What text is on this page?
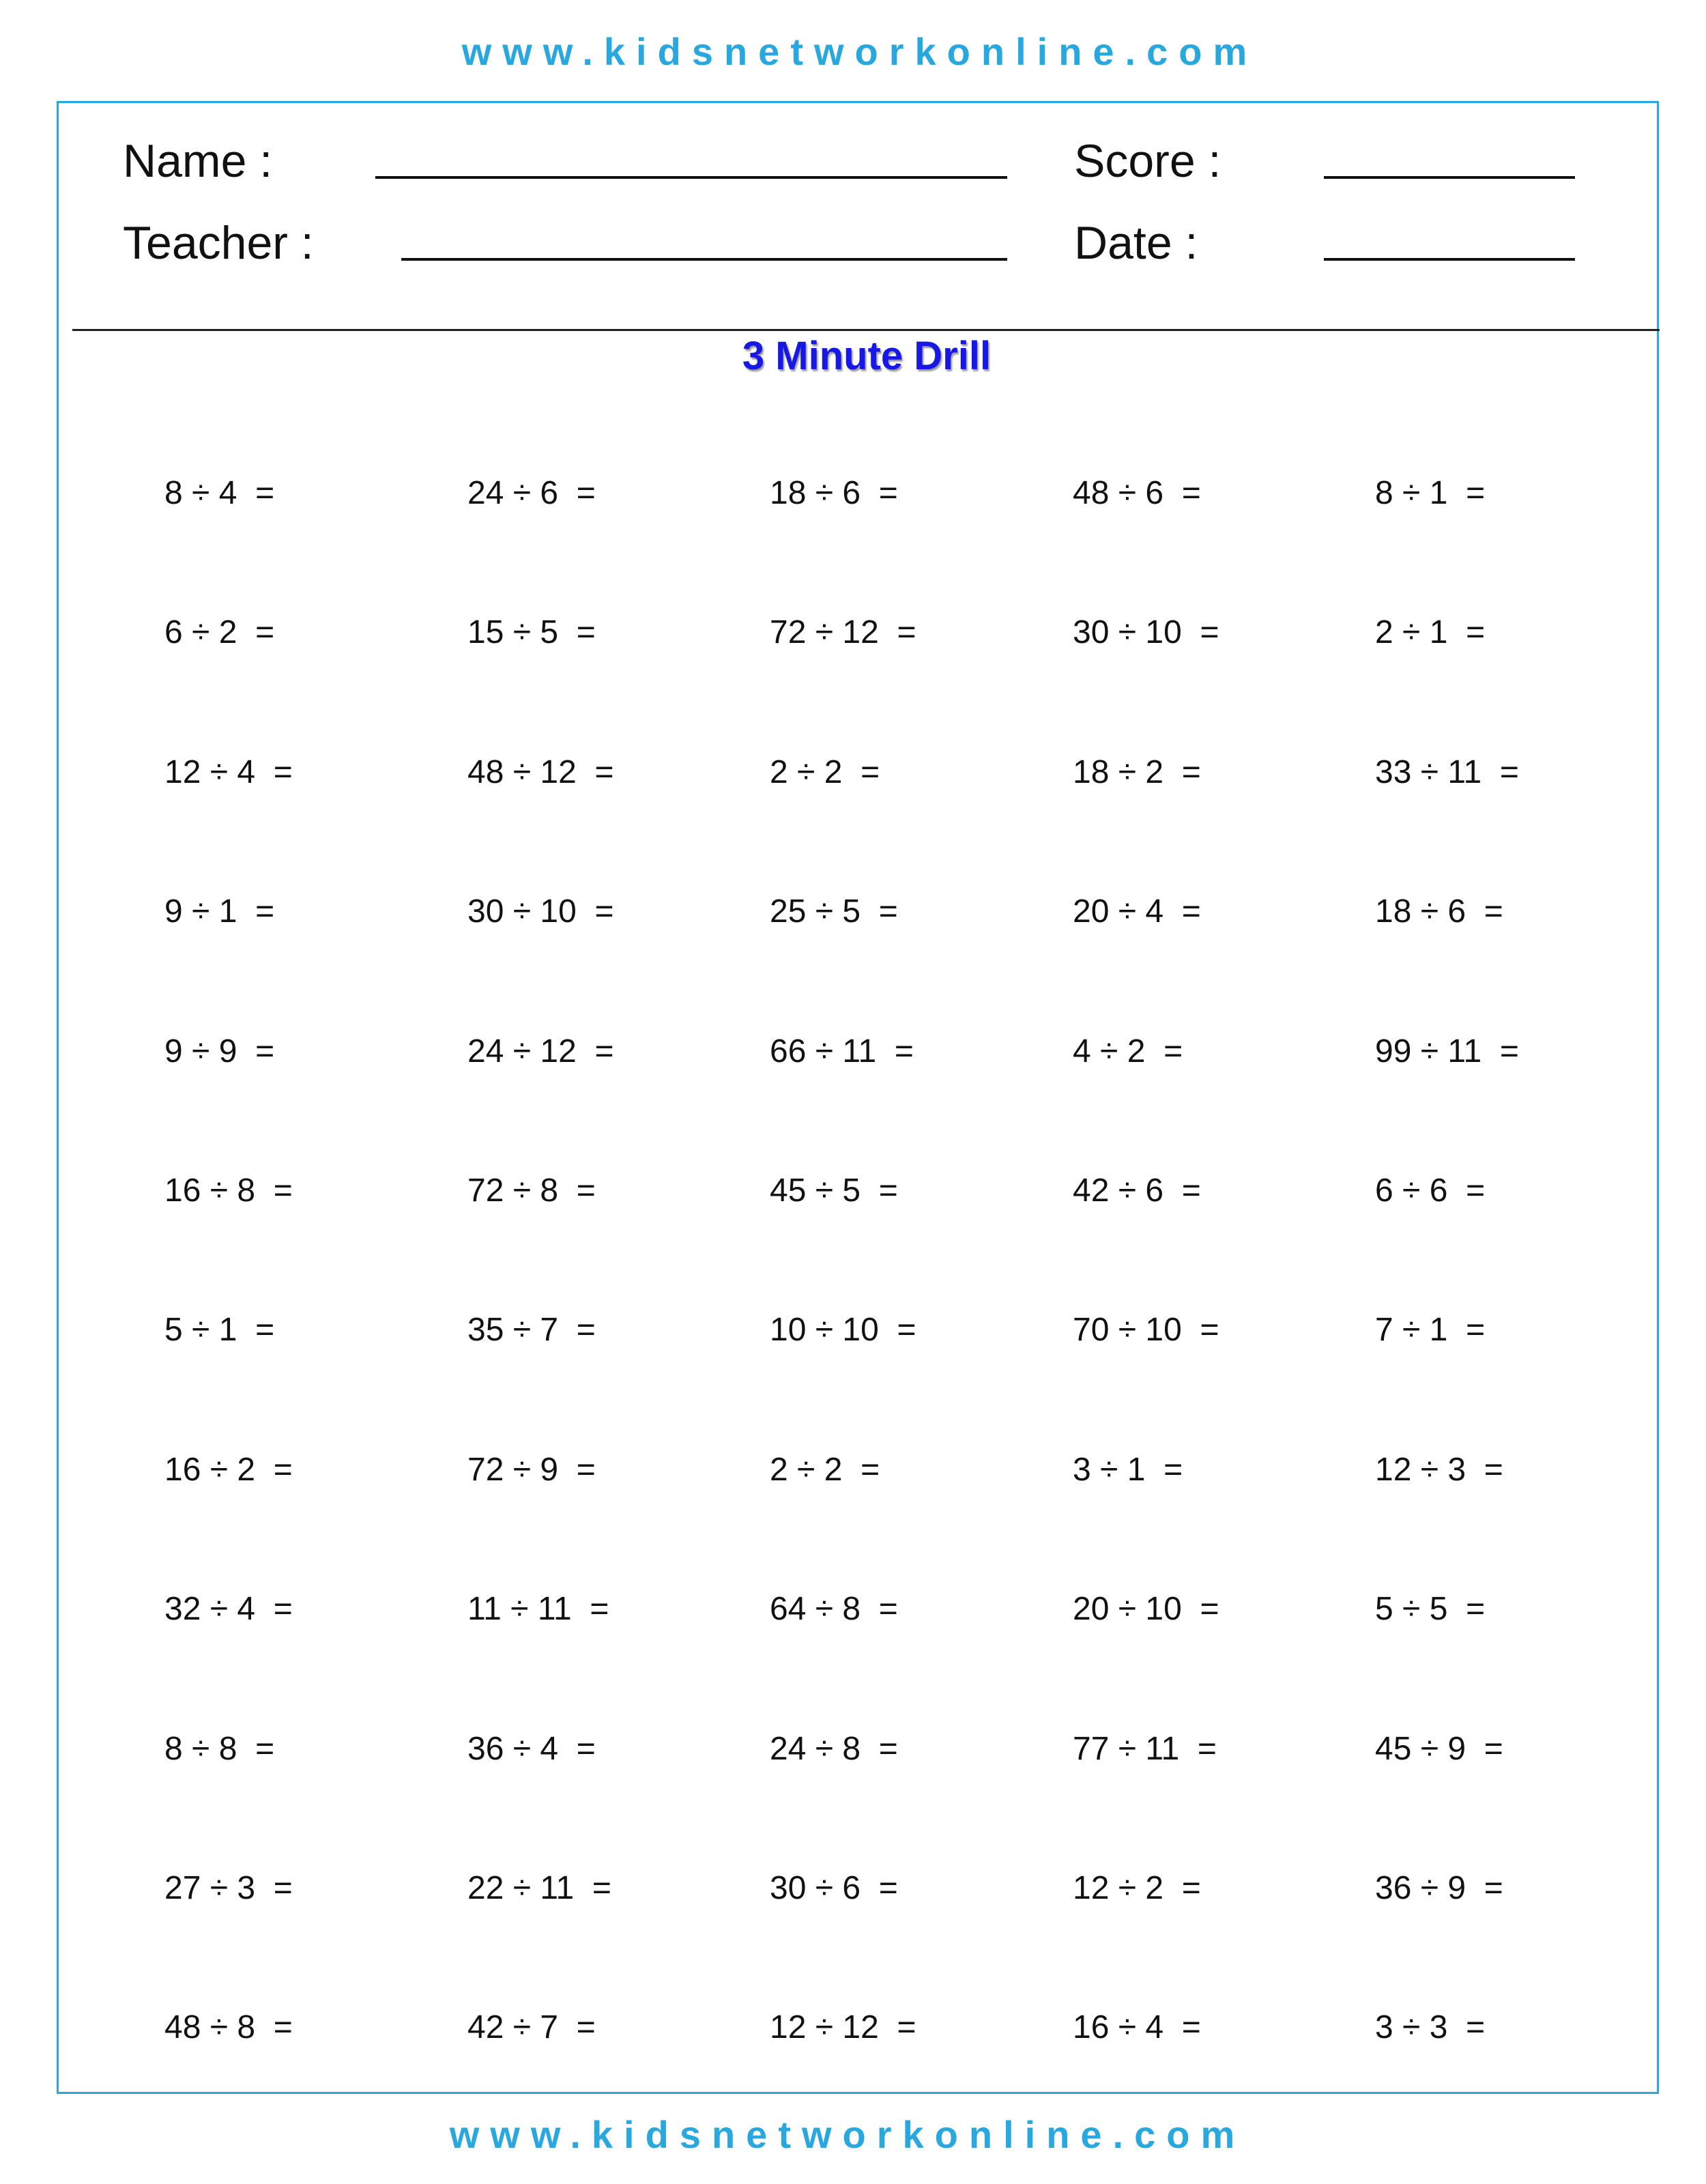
www.kidsnetworkonline.com
Name :
Teacher :
Score :
Date :
3 Minute Drill
8 ÷ 4  =	24 ÷ 6  =	18 ÷ 6  =	48 ÷ 6  =	8 ÷ 1  =
6 ÷ 2  =	15 ÷ 5  =	72 ÷ 12  =	30 ÷ 10  =	2 ÷ 1  =
12 ÷ 4  =	48 ÷ 12  =	2 ÷ 2  =	18 ÷ 2  =	33 ÷ 11  =
9 ÷ 1  =	30 ÷ 10  =	25 ÷ 5  =	20 ÷ 4  =	18 ÷ 6  =
9 ÷ 9  =	24 ÷ 12  =	66 ÷ 11  =	4 ÷ 2  =	99 ÷ 11  =
16 ÷ 8  =	72 ÷ 8  =	45 ÷ 5  =	42 ÷ 6  =	6 ÷ 6  =
5 ÷ 1  =	35 ÷ 7  =	10 ÷ 10  =	70 ÷ 10  =	7 ÷ 1  =
16 ÷ 2  =	72 ÷ 9  =	2 ÷ 2  =	3 ÷ 1  =	12 ÷ 3  =
32 ÷ 4  =	11 ÷ 11  =	64 ÷ 8  =	20 ÷ 10  =	5 ÷ 5  =
8 ÷ 8  =	36 ÷ 4  =	24 ÷ 8  =	77 ÷ 11  =	45 ÷ 9  =
27 ÷ 3  =	22 ÷ 11  =	30 ÷ 6  =	12 ÷ 2  =	36 ÷ 9  =
48 ÷ 8  =	42 ÷ 7  =	12 ÷ 12  =	16 ÷ 4  =	3 ÷ 3  =
www.kidsnetworkonline.com
